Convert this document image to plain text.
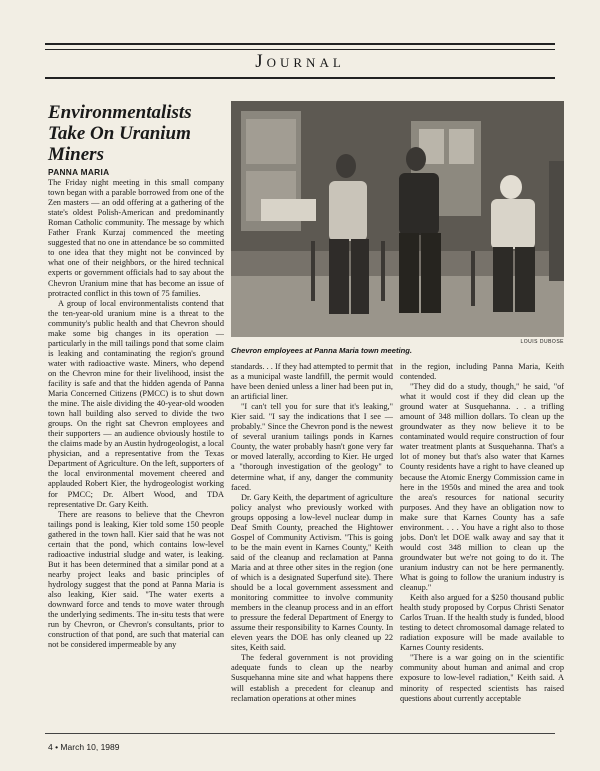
Journal
Environmentalists Take On Uranium Miners

PANNA MARIA
The Friday night meeting in this small company town began with a parable borrowed from one of the Zen masters — an odd offering at a gathering of the state's oldest Polish-American and predominantly Roman Catholic community. The message by which Father Frank Kurzaj commenced the meeting suggested that no one in attendance be so committed to one idea that they might not be convinced by what one of their neighbors, or the hired technical experts or government officials had to say about the Chevron Uranium mine that has become an issue of protracted conflict in this town of 75 families.

A group of local environmentalists contend that the ten-year-old uranium mine is a threat to the community's public health and that Chevron should make some big changes in its operation — particularly in the mill tailings pond that some claim is leaking and contaminating the region's ground water with radioactive waste. Miners, who depend on the Chevron mine for their livelihood, insist the facility is safe and that the hidden agenda of Panna Maria Concerned Citizens (PMCC) is to shut down the mine. The aisle dividing the 40-year-old wooden town hall building also served to divide the two groups. On the right sat Chevron employees and their supporters — an audience obviously hostile to the claims made by an Austin hydrogeologist, a local physician, and a representative from the Texas Department of Agriculture. On the left, supporters of the local environmental movement cheered and applauded Robert Kier, the hydrogeologist working for PMCC; Dr. Albert Wood, and TDA representative Dr. Gary Keith.

There are reasons to believe that the Chevron tailings pond is leaking, Kier told some 150 people gathered in the town hall. Kier said that he was not certain that the pond, which contains low-level radioactive industrial sludge and water, is leaking. But it has been determined that a similar pond at a nearby project leaks and basic principles of hydrology suggest that the pond at Panna Maria is also leaking, Kier said. "The water exerts a downward force and tends to move water through the underlying sediments. The in-situ tests that were run by Chevron, or Chevron's consultants, prior to construction of that pond, are such that material can not be considered impermeable by any

LOUIS DUBOSE
Chevron employees at Panna Maria town meeting.

standards. . . If they had attempted to permit that as a municipal waste landfill, the permit would have been denied unless a liner had been put in, an artificial liner.

"I can't tell you for sure that it's leaking," Kier said. "I say the indications that I see — probably." Since the Chevron pond is the newest of several uranium tailings ponds in Karnes County, the water probably hasn't gone very far or moved laterally, according to Kier. He urged a "thorough investigation of the geology" to determine what, if any, danger the community faced.

Dr. Gary Keith, the department of agriculture policy analyst who previously worked with groups opposing a low-level nuclear dump in Deaf Smith County, preached the Hightower Gospel of Community Activism. "This is going to be the main event in Karnes County," Keith said of the cleanup and reclamation at Panna Maria and at three other sites in the region (one of which is a designated Superfund site). There should be a local government assessment and monitoring committee to involve community members in the cleanup process and in an effort to pressure the federal Department of Energy to assume their responsibility to Karnes County. In eleven years the DOE has only cleaned up 22 sites, Keith said.

The federal government is not providing adequate funds to clean up the nearby Susquehanna mine site and what happens there will establish a precedent for cleanup and reclamation operations at other mines

in the region, including Panna Maria, Keith contended.

"They did do a study, though," he said, "of what it would cost if they did clean up the ground water at Susquehanna. . . a trifling amount of 348 million dollars. To clean up the groundwater as they now believe it to be contaminated would require construction of four water treatment plants at Susquehanna. That's a lot of money but that's also water that Karnes County residents have a right to have cleaned up because the Atomic Energy Commission came in here in the 1950s and mined the area and took the area's resources for national security purposes. And they have an obligation now to make sure that Karnes County has a safe environment. . . . You have a right also to those jobs. Don't let DOE walk away and say that it would cost 348 million to clean up the groundwater but we're not going to do it. The uranium industry can not be here permanently. What is going to follow the uranium industry is cleanup."

Keith also argued for a $250 thousand public health study proposed by Corpus Christi Senator Carlos Truan. If the health study is funded, blood testing to detect chromosomal damage related to radiation exposure will be made available to Karnes County residents.

"There is a war going on in the scientific community about human and animal and crop exposure to low-level radiation," Keith said. A minority of respected scientists has raised questions about currently acceptable

4 • March 10, 1989
